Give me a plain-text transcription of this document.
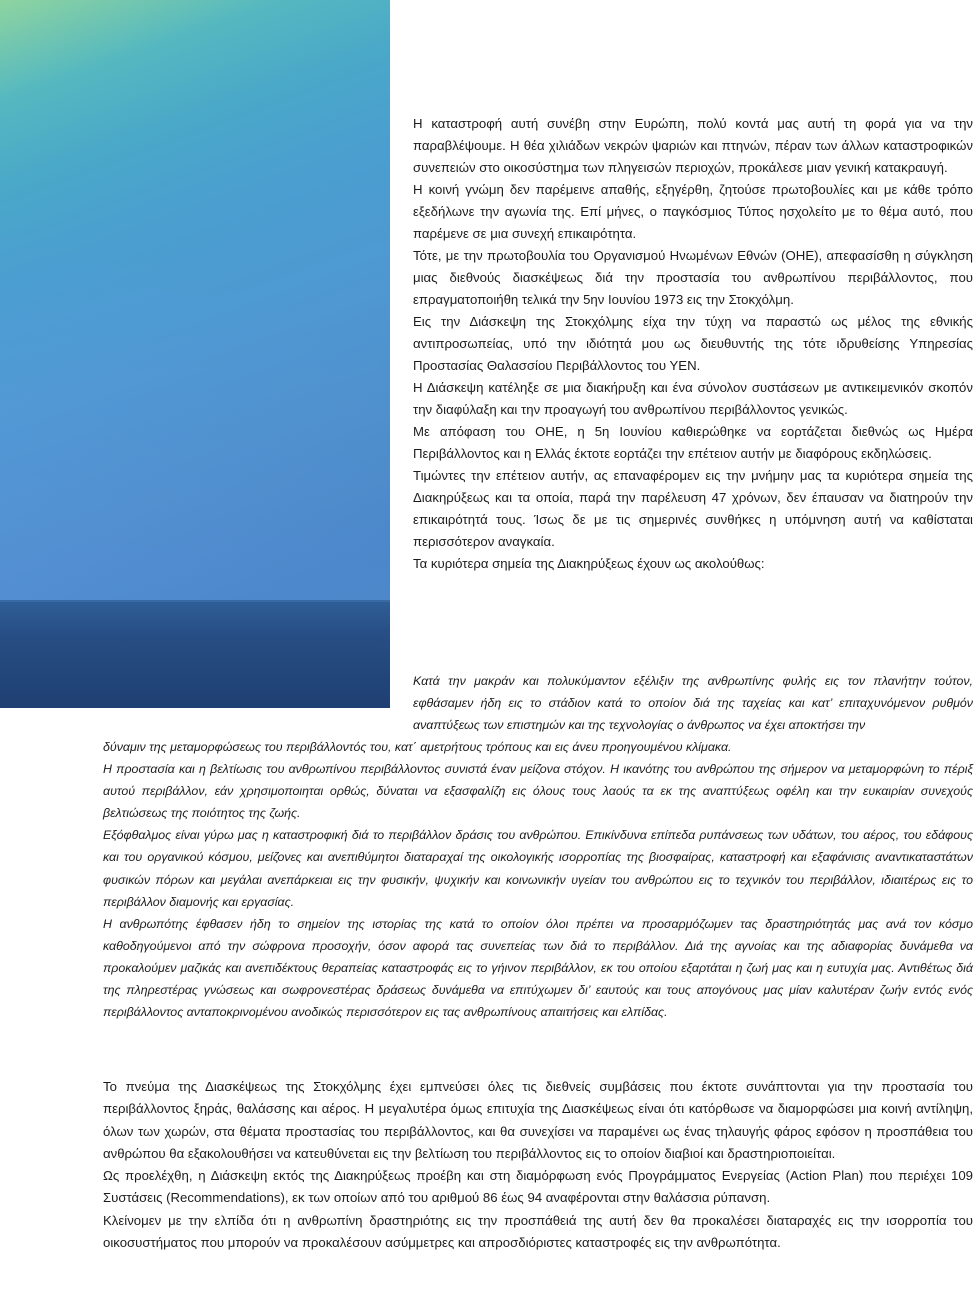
Η καταστροφή αυτή συνέβη στην Ευρώπη, πολύ κοντά μας αυτή τη φορά για να την παραβλέψουμε. Η θέα χιλιάδων νεκρών ψαριών και πτηνών, πέραν των άλλων καταστροφικών συνεπειών στο οικοσύστημα των πληγεισών περιοχών, προκάλεσε μιαν γενική κατακραυγή.

Η κοινή γνώμη δεν παρέμεινε απαθής, εξηγέρθη, ζητούσε πρωτοβουλίες και με κάθε τρόπο εξεδήλωνε την αγωνία της. Επί μήνες, ο παγκόσμιος Τύπος ησχολείτο με το θέμα αυτό, που παρέμενε σε μια συνεχή επικαιρότητα.

Τότε, με την πρωτοβουλία του Οργανισμού Ηνωμένων Εθνών (ΟΗΕ), απεφασίσθη η σύγκληση μιας διεθνούς διασκέψεως διά την προστασία του ανθρωπίνου περιβάλλοντος, που επραγματοποιήθη τελικά την 5ην Ιουνίου 1973 εις την Στοκχόλμη.

Εις την Διάσκεψη της Στοκχόλμης είχα την τύχη να παραστώ ως μέλος της εθνικής αντιπροσωπείας, υπό την ιδιότητά μου ως διευθυντής της τότε ιδρυθείσης Υπηρεσίας Προστασίας Θαλασσίου Περιβάλλοντος του ΥΕΝ.

Η Διάσκεψη κατέληξε σε μια διακήρυξη και ένα σύνολον συστάσεων με αντικειμενικόν σκοπόν την διαφύλαξη και την προαγωγή του ανθρωπίνου περιβάλλοντος γενικώς.

Με απόφαση του ΟΗΕ, η 5η Ιουνίου καθιερώθηκε να εορτάζεται διεθνώς ως Ημέρα Περιβάλλοντος και η Ελλάς έκτοτε εορτάζει την επέτειον αυτήν με διαφόρους εκδηλώσεις.

Τιμώντες την επέτειον αυτήν, ας επαναφέρομεν εις την μνήμην μας τα κυριότερα σημεία της Διακηρύξεως και τα οποία, παρά την παρέλευση 47 χρόνων, δεν έπαυσαν να διατηρούν την επικαιρότητά τους. Ίσως δε με τις σημερινές συνθήκες η υπόμνηση αυτή να καθίσταται περισσότερον αναγκαία.

Τα κυριότερα σημεία της Διακηρύξεως έχουν ως ακολούθως:

Κατά την μακράν και πολυκύμαντον εξέλιξιν της ανθρωπίνης φυλής εις τον πλανήτην τούτον, εφθάσαμεν ήδη εις το στάδιον κατά το οποίον διά της ταχείας και κατ’ επιταχυνόμενον ρυθμόν αναπτύξεως των επιστημών και της τεχνολογίας ο άνθρωπος να έχει αποκτήσει την

δύναμιν της μεταμορφώσεως του περιβάλλοντός του, κατ΄ αμετρήτους τρόπους και εις άνευ προηγουμένου κλίμακα.

Η προστασία και η βελτίωσις του ανθρωπίνου περιβάλλοντος συνιστά έναν μείζονα στόχον. Η ικανότης του ανθρώπου της σήμερον να μεταμορφώνη το πέριξ αυτού περιβάλλον, εάν χρησιμοποιηται ορθώς, δύναται να εξασφαλίζη εις όλους τους λαούς τα εκ της αναπτύξεως οφέλη και την ευκαιρίαν συνεχούς βελτιώσεως της ποιότητος της ζωής.

Εξόφθαλμος είναι γύρω μας η καταστροφική διά το περιβάλλον δράσις του ανθρώπου. Επικίνδυνα επίπεδα ρυπάνσεως των υδάτων, του αέρος, του εδάφους και του οργανικού κόσμου, μείζονες και ανεπιθύμητοι διαταραχαί της οικολογικής ισορροπίας της βιοσφαίρας, καταστροφή και εξαφάνισις αναντικαταστάτων φυσικών πόρων και μεγάλαι ανεπάρκειαι εις την φυσικήν, ψυχικήν και κοινωνικήν υγείαν του ανθρώπου εις το τεχνικόν του περιβάλλον, ιδιαιτέρως εις το περιβάλλον διαμονής και εργασίας.

Η ανθρωπότης έφθασεν ήδη το σημείον της ιστορίας της κατά το οποίον όλοι πρέπει να προσαρμόζωμεν τας δραστηριότητάς μας ανά τον κόσμο καθοδηγούμενοι από την σώφρονα προσοχήν, όσον αφορά τας συνεπείας των διά το περιβάλλον. Διά της αγνοίας και της αδιαφορίας δυνάμεθα να προκαλούμεν μαζικάς και ανεπιδέκτους θεραπείας καταστροφάς εις το γήινον περιβάλλον, εκ του οποίου εξαρτάται η ζωή μας και η ευτυχία μας. Αντιθέτως διά της πληρεστέρας γνώσεως και σωφρονεστέρας δράσεως δυνάμεθα να επιτύχωμεν δι’ εαυτούς και τους απογόνους μας μίαν καλυτέραν ζωήν εντός ενός περιβάλλοντος ανταποκρινομένου ανοδικώς περισσότερον εις τας ανθρωπίνους απαιτήσεις και ελπίδας.

Το πνεύμα της Διασκέψεως της Στοκχόλμης έχει εμπνεύσει όλες τις διεθνείς συμβάσεις που έκτοτε συνάπτονται για την προστασία του περιβάλλοντος ξηράς, θαλάσσης και αέρος. Η μεγαλυτέρα όμως επιτυχία της Διασκέψεως είναι ότι κατόρθωσε να διαμορφώσει μια κοινή αντίληψη, όλων των χωρών, στα θέματα προστασίας του περιβάλλοντος, και θα συνεχίσει να παραμένει ως ένας τηλαυγής φάρος εφόσον η προσπάθεια του ανθρώπου θα εξακολουθήσει να κατευθύνεται εις την βελτίωση του περιβάλλοντος εις το οποίον διαβιοί και δραστηριοποιείται.

Ως προελέχθη, η Διάσκεψη εκτός της Διακηρύξεως προέβη και στη διαμόρφωση ενός Προγράμματος Ενεργείας (Action Plan) που περιέχει 109 Συστάσεις (Recommendations), εκ των οποίων από του αριθμού 86 έως 94 αναφέρονται στην θαλάσσια ρύπανση.

Κλείνομεν με την ελπίδα ότι η ανθρωπίνη δραστηριότης εις την προσπάθειά της αυτή δεν θα προκαλέσει διαταραχές εις την ισορροπία του οικοσυστήματος που μπορούν να προκαλέσουν ασύμμετρες και απροσδιόριστες καταστροφές εις την ανθρωπότητα.
